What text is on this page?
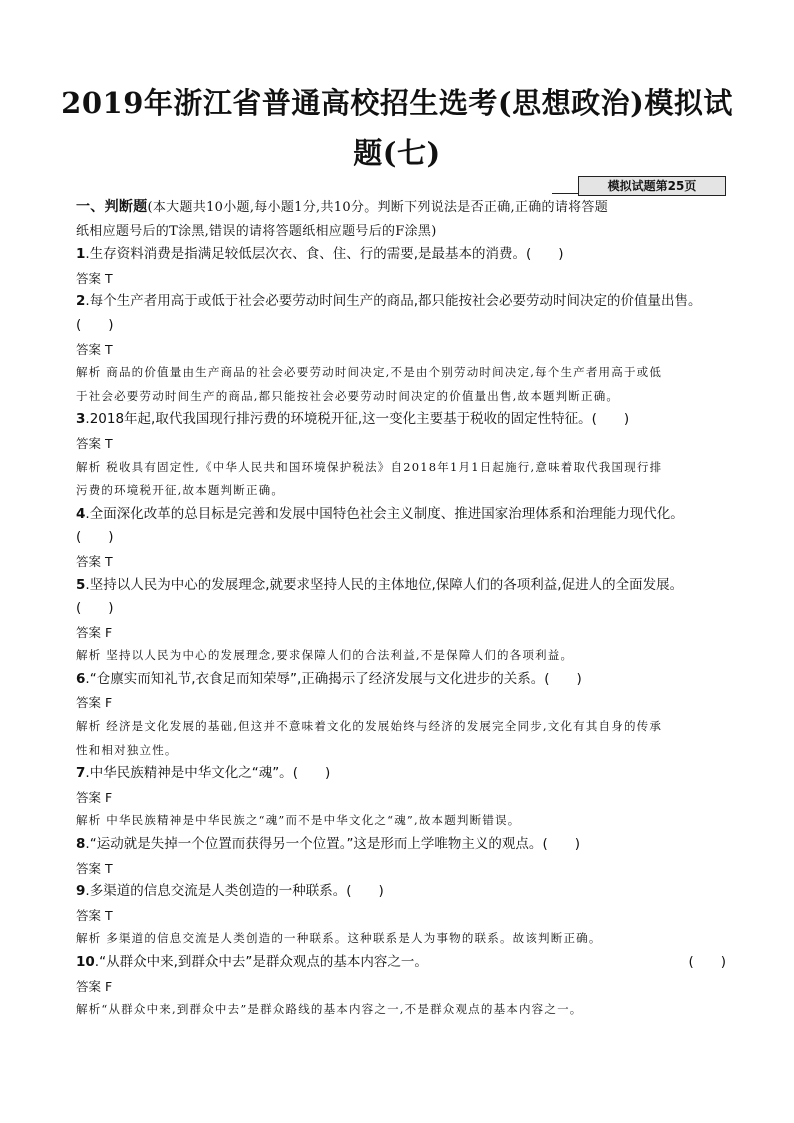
2019年浙江省普通高校招生选考(思想政治)模拟试
题(七)
模拟试题第25页
一、判断题(本大题共10小题,每小题1分,共10分。判断下列说法是否正确,正确的请将答题
纸相应题号后的T涂黑,错误的请将答题纸相应题号后的F涂黑)
1.生存资料消费是指满足较低层次衣、食、住、行的需要,是最基本的消费。(　　)
答案 T
2.每个生产者用高于或低于社会必要劳动时间生产的商品,都只能按社会必要劳动时间决定的价值量出售。
(　　)
答案 T
解析 商品的价值量由生产商品的社会必要劳动时间决定,不是由个别劳动时间决定,每个生产者用高于或低
于社会必要劳动时间生产的商品,都只能按社会必要劳动时间决定的价值量出售,故本题判断正确。
3.2018年起,取代我国现行排污费的环境税开征,这一变化主要基于税收的固定性特征。(　　)
答案 T
解析 税收具有固定性,《中华人民共和国环境保护税法》自2018年1月1日起施行,意味着取代我国现行排
污费的环境税开征,故本题判断正确。
4.全面深化改革的总目标是完善和发展中国特色社会主义制度、推进国家治理体系和治理能力现代化。
(　　)
答案 T
5.坚持以人民为中心的发展理念,就要求坚持人民的主体地位,保障人们的各项利益,促进人的全面发展。
(　　)
答案 F
解析 坚持以人民为中心的发展理念,要求保障人们的合法利益,不是保障人们的各项利益。
6.“仓廪实而知礼节,衣食足而知荣辱”,正确揭示了经济发展与文化进步的关系。(　　)
答案 F
解析 经济是文化发展的基础,但这并不意味着文化的发展始终与经济的发展完全同步,文化有其自身的传承
性和相对独立性。
7.中华民族精神是中华文化之“魂”。(　　)
答案 F
解析 中华民族精神是中华民族之“魂”而不是中华文化之“魂”,故本题判断错误。
8.“运动就是失掉一个位置而获得另一个位置。”这是形而上学唯物主义的观点。(　　)
答案 T
9.多渠道的信息交流是人类创造的一种联系。(　　)
答案 T
解析 多渠道的信息交流是人类创造的一种联系。这种联系是人为事物的联系。故该判断正确。
10.“从群众中来,到群众中去”是群众观点的基本内容之一。	(　　)
答案 F
解析“从群众中来,到群众中去”是群众路线的基本内容之一,不是群众观点的基本内容之一。
